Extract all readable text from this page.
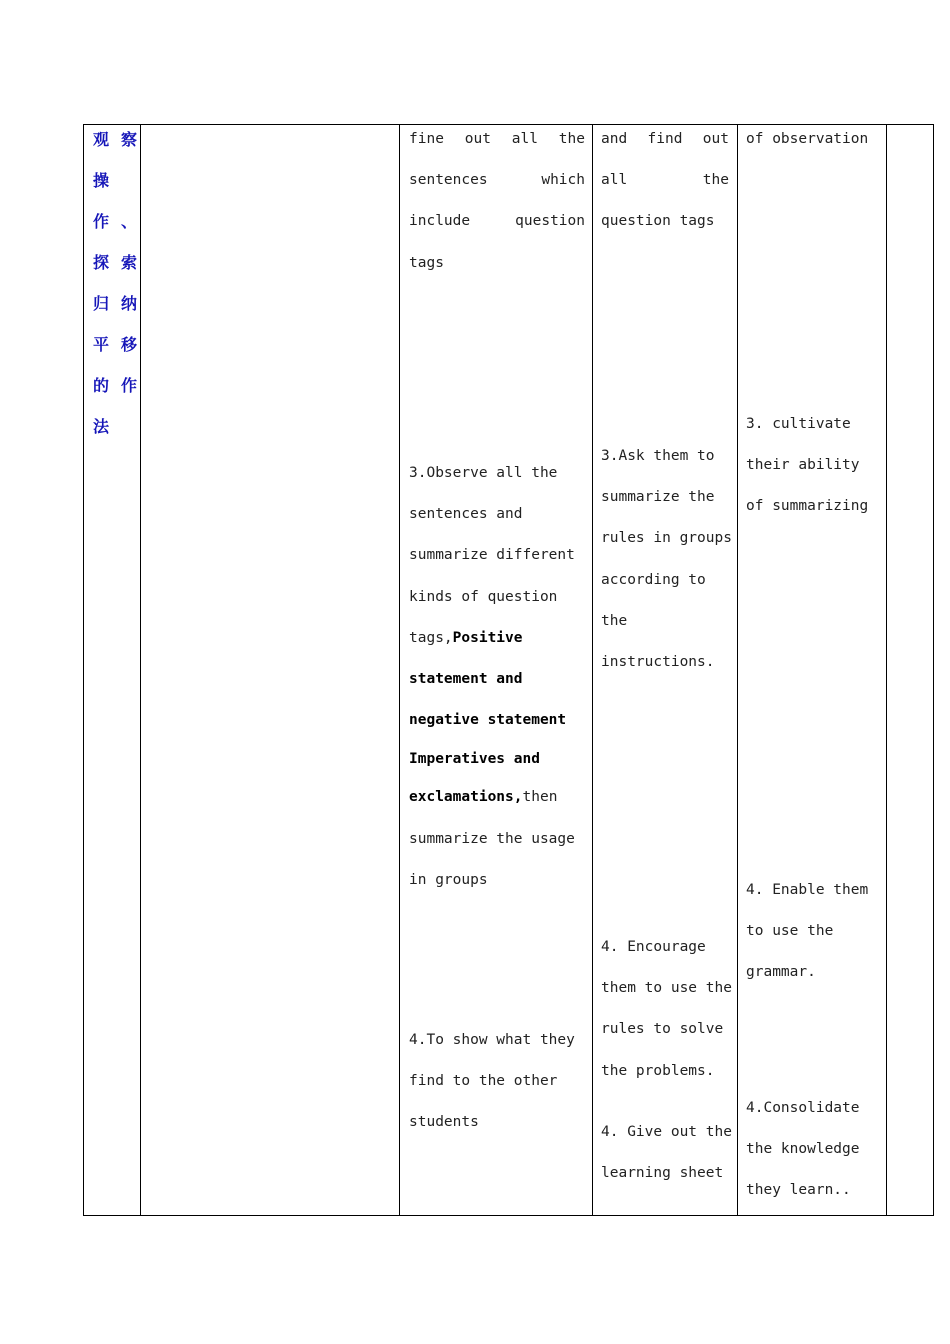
观 察
操
作 、
探 索
归 纳
平 移
的 作
法
fine out all the
sentences which
include question
tags
3.Observe all the
sentences and
summarize different
kinds of question
tags,Positive
statement and
negative statement
Imperatives and
exclamations,then
summarize the usage
in groups
4.To show what they
find to the other
students
and find out
all the
question tags
3.Ask them to
summarize the
rules in groups
according to
the
instructions.
4. Encourage
them to use the
rules to solve
the problems.
4. Give out the
learning sheet
of observation
3. cultivate
their ability
of summarizing
4. Enable them
to use the
grammar.
4.Consolidate
the knowledge
they learn..
